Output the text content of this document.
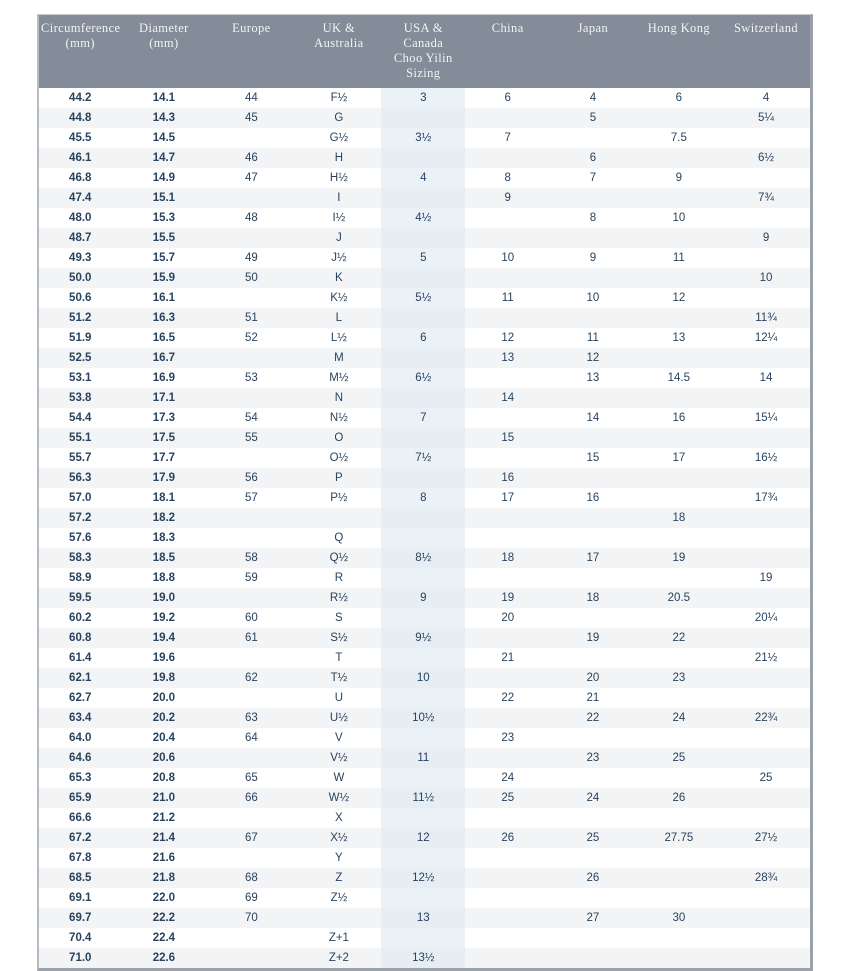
Circumference
(mm)	Diameter
(mm)	Europe	UK &
Australia	USA & Canada
Choo Yilin Sizing	China	Japan	Hong Kong	Switzerland

44.2	14.1	44	F½	3	6	4	6	4
44.8	14.3	45	G			5		5¼
45.5	14.5		G½	3½	7		7.5	
46.1	14.7	46	H			6		6½
46.8	14.9	47	H½	4	8	7	9	
47.4	15.1		I		9			7¾
48.0	15.3	48	I½	4½		8	10	
48.7	15.5		J					9
49.3	15.7	49	J½	5	10	9	11	
50.0	15.9	50	K					10
50.6	16.1		K½	5½	11	10	12	
51.2	16.3	51	L					11¾
51.9	16.5	52	L½	6	12	11	13	12¼
52.5	16.7		M		13	12		
53.1	16.9	53	M½	6½		13	14.5	14
53.8	17.1		N		14			
54.4	17.3	54	N½	7		14	16	15¼
55.1	17.5	55	O		15			
55.7	17.7		O½	7½		15	17	16½
56.3	17.9	56	P		16			
57.0	18.1	57	P½	8	17	16		17¾
57.2	18.2						18	
57.6	18.3		Q					
58.3	18.5	58	Q½	8½	18	17	19	
58.9	18.8	59	R					19
59.5	19.0		R½	9	19	18	20.5	
60.2	19.2	60	S		20			20¼
60.8	19.4	61	S½	9½		19	22	
61.4	19.6		T		21			21½
62.1	19.8	62	T½	10		20	23	
62.7	20.0		U		22	21		
63.4	20.2	63	U½	10½		22	24	22¾
64.0	20.4	64	V		23			
64.6	20.6		V½	11		23	25	
65.3	20.8	65	W		24			25
65.9	21.0	66	W½	11½	25	24	26	
66.6	21.2		X					
67.2	21.4	67	X½	12	26	25	27.75	27½
67.8	21.6		Y					
68.5	21.8	68	Z	12½		26		28¾
69.1	22.0	69	Z½					
69.7	22.2	70		13		27	30	
70.4	22.4		Z+1					
71.0	22.6		Z+2	13½				
